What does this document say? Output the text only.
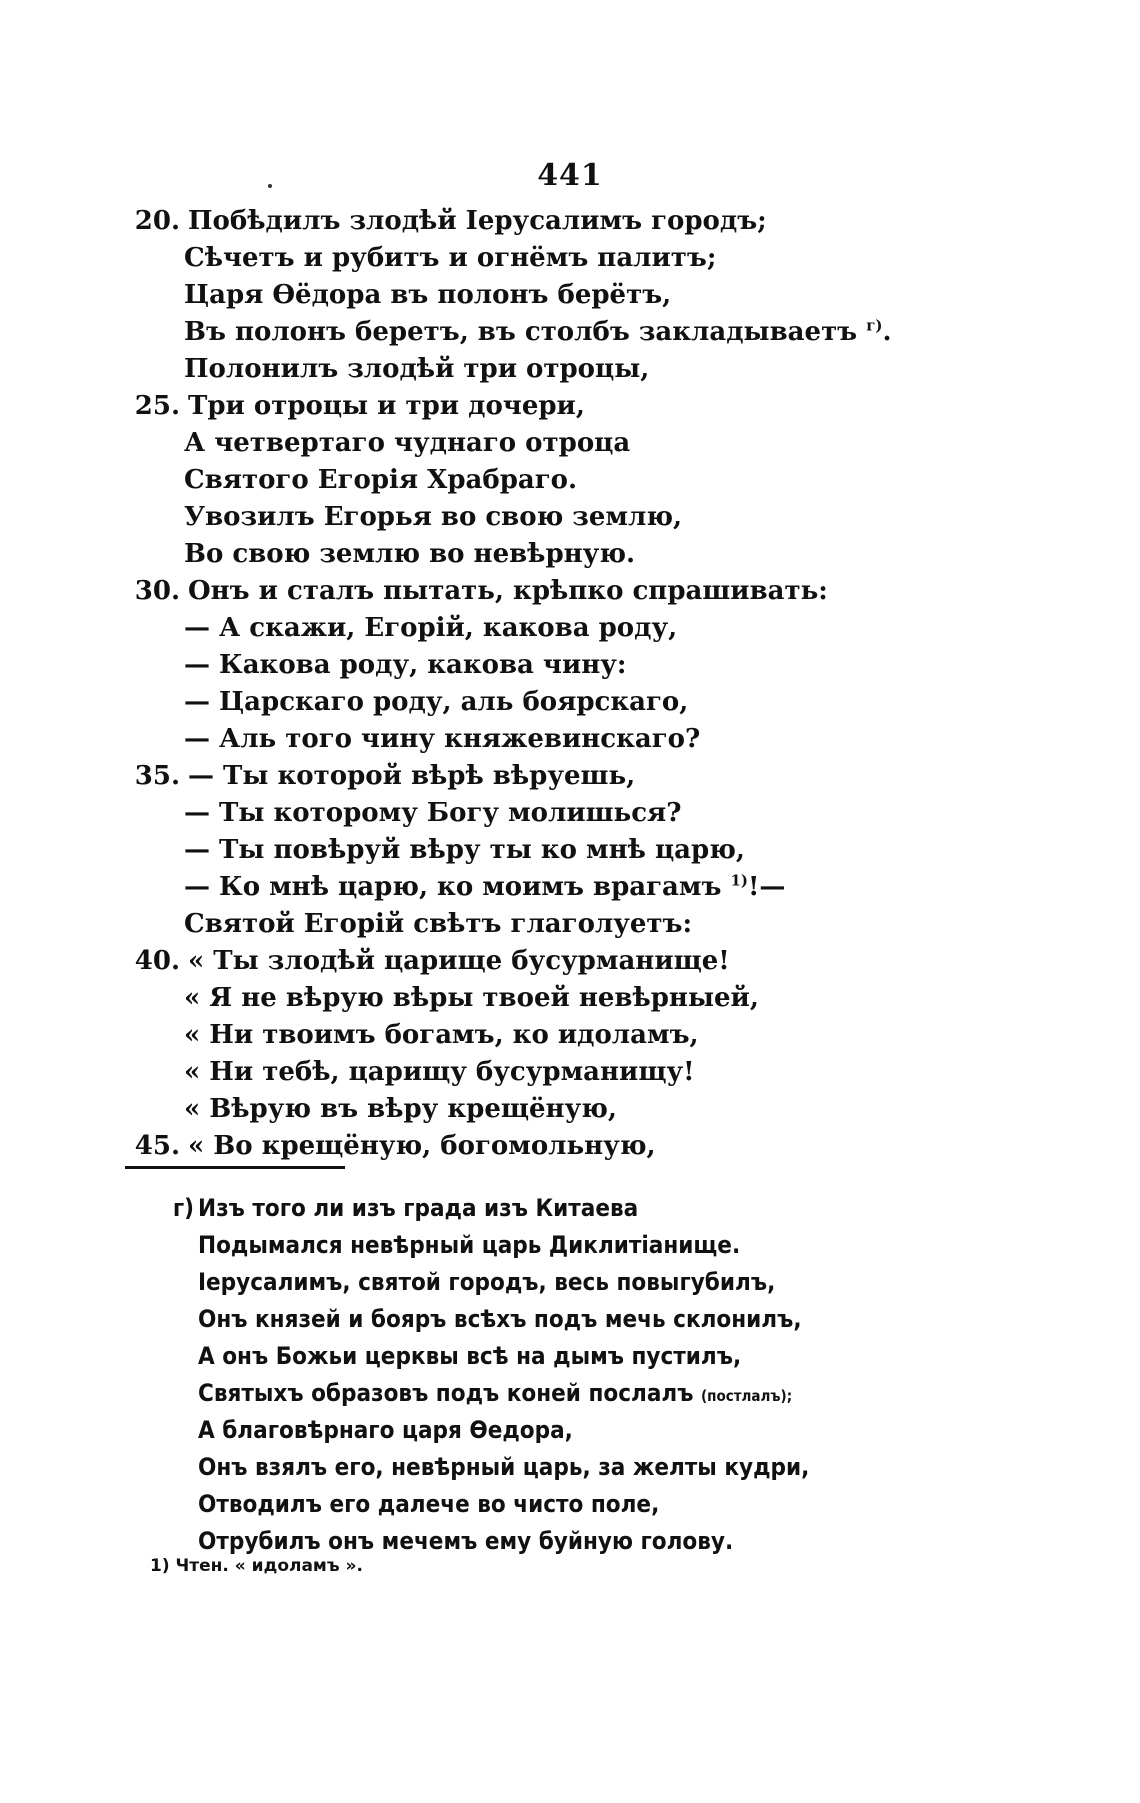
441
20. Побѣдилъ злодѣй Іерусалимъ городъ;
Сѣчетъ и рубитъ и огнёмъ палитъ;
Царя Ѳёдора въ полонъ берётъ,
Въ полонъ беретъ, въ столбъ закладываетъ $^{г)}$.
Полонилъ злодѣй три отроцы,
25. Три отроцы и три дочери,
А четвертаго чуднаго отроца
Святого Егорія Храбраго.
Увозилъ Егорья во свою землю,
Во свою землю во невѣрную.
30. Онъ и сталъ пытать, крѣпко спрашивать:
— А скажи, Егорій, какова роду,
— Какова роду, какова чину:
— Царскаго роду, аль боярскаго,
— Аль того чину княжевинскаго?
35. — Ты которой вѣрѣ вѣруешь,
— Ты которому Богу молишься?
— Ты повѣруй вѣру ты ко мнѣ царю,
— Ко мнѣ царю, ко моимъ врагамъ $^{1)}$!—
Святой Егорій свѣтъ глаголуетъ:
40. « Ты злодѣй царище бусурманище!
« Я не вѣрую вѣры твоей невѣрныей,
« Ни твоимъ богамъ, ко идоламъ,
« Ни тебѣ, царищу бусурманищу!
« Вѣрую въ вѣру крещёную,
45. « Во крещёную, богомольную,
г) Изъ того ли изъ града изъ Китаева
Подымался невѣрный царь Диклитіанище.
Іерусалимъ, святой городъ, весь повыгубилъ,
Онъ князей и бояръ всѣхъ подъ мечь склонилъ,
А онъ Божьи церквы всѣ на дымъ пустилъ,
Святыхъ образовъ подъ коней послалъ (постлалъ);
А благовѣрнаго царя Ѳедора,
Онъ взялъ его, невѣрный царь, за желты кудри,
Отводилъ его далече во чисто поле,
Отрубилъ онъ мечемъ ему буйную голову.
1) Чтен. « идоламъ ».
